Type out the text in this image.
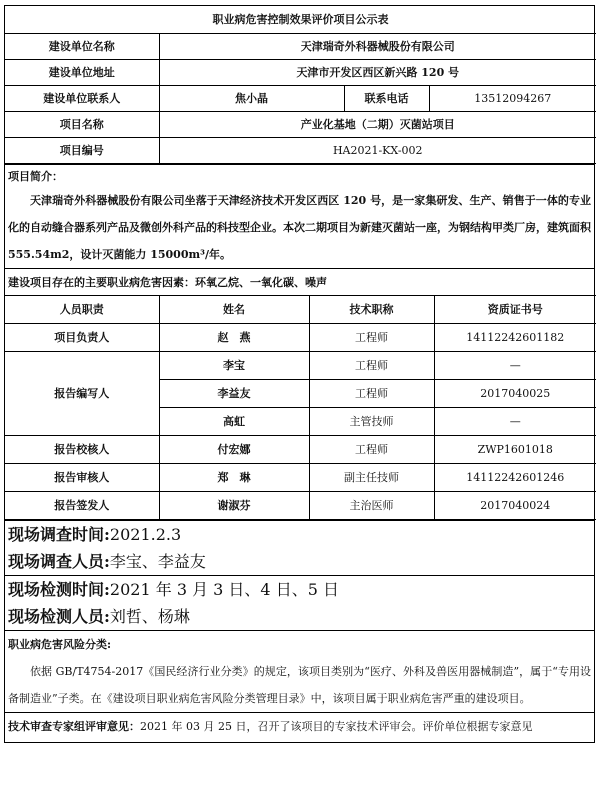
职业病危害控制效果评价项目公示表			
建设单位名称	天津瑞奇外科器械股份有限公司		
建设单位地址	天津市开发区西区新兴路 120 号		
建设单位联系人	焦小晶	联系电话	13512094267
项目名称	产业化基地（二期）灭菌站项目		
项目编号	HA2021-KX-002		
项目简介：
天津瑞奇外科器械股份有限公司坐落于天津经济技术开发区西区 120 号，是一家集研发、生产、销售于一体的专业化的自动缝合器系列产品及微创外科产品的科技型企业。本次二期项目为新建灭菌站一座，为钢结构甲类厂房，建筑面积 555.54m2，设计灭菌能力 15000m³/年。
建设项目存在的主要职业病危害因素：环氧乙烷、一氧化碳、噪声
人员职责	姓名	技术职称	资质证书号
项目负责人	赵　燕	工程师	14112242601182
报告编写人	李宝	工程师	—
	李益友	工程师	2017040025
	高虹	主管技师	—
报告校核人	付宏娜	工程师	ZWP1601018
报告审核人	郑　琳	副主任技师	14112242601246
报告签发人	谢淑芬	主治医师	2017040024
现场调查时间:2021.2.3
现场调查人员:李宝、李益友
现场检测时间:2021 年 3 月 3 日、4 日、5 日
现场检测人员:刘哲、杨琳
职业病危害风险分类:
依据 GB/T4754-2017《国民经济行业分类》的规定，该项目类别为“医疗、外科及兽医用器械制造”，属于“专用设备制造业”子类。在《建设项目职业病危害风险分类管理目录》中，该项目属于职业病危害严重的建设项目。
技术审查专家组评审意见：2021 年 03 月 25 日，召开了该项目的专家技术评审会。评价单位根据专家意见
